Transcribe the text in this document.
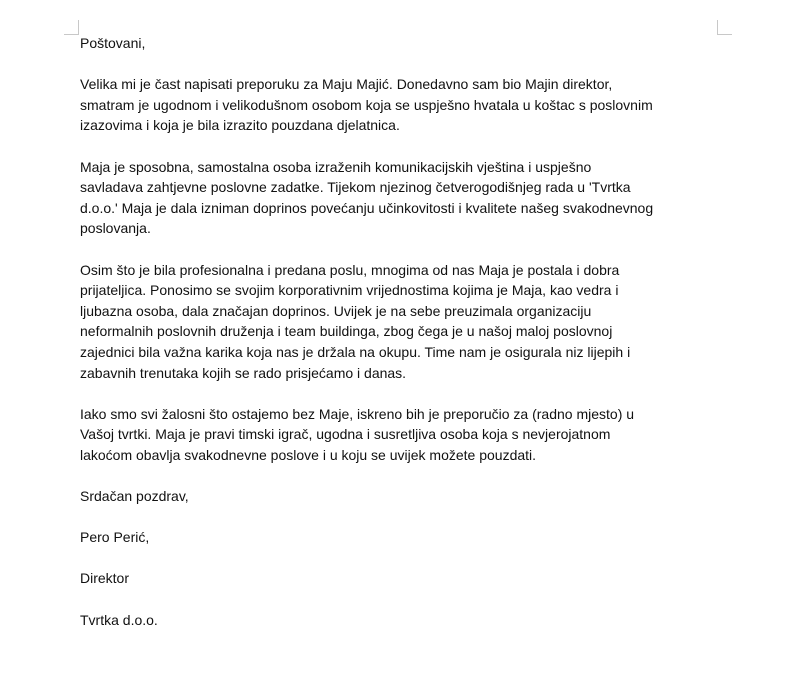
Poštovani,

Velika mi je čast napisati preporuku za Maju Majić. Donedavno sam bio Majin direktor,
smatram je ugodnom i velikodušnom osobom koja se uspješno hvatala u koštac s poslovnim
izazovima i koja je bila izrazito pouzdana djelatnica.

Maja je sposobna, samostalna osoba izraženih komunikacijskih vještina i uspješno
savladava zahtjevne poslovne zadatke. Tijekom njezinog četverogodišnjeg rada u 'Tvrtka
d.o.o.' Maja je dala izniman doprinos povećanju učinkovitosti i kvalitete našeg svakodnevnog
poslovanja.

Osim što je bila profesionalna i predana poslu, mnogima od nas Maja je postala i dobra
prijateljica. Ponosimo se svojim korporativnim vrijednostima kojima je Maja, kao vedra i
ljubazna osoba, dala značajan doprinos. Uvijek je na sebe preuzimala organizaciju
neformalnih poslovnih druženja i team buildinga, zbog čega je u našoj maloj poslovnoj
zajednici bila važna karika koja nas je držala na okupu. Time nam je osigurala niz lijepih i
zabavnih trenutaka kojih se rado prisjećamo i danas.

Iako smo svi žalosni što ostajemo bez Maje, iskreno bih je preporučio za (radno mjesto) u
Vašoj tvrtki. Maja je pravi timski igrač, ugodna i susretljiva osoba koja s nevjerojatnom
lakoćom obavlja svakodnevne poslove i u koju se uvijek možete pouzdati.

Srdačan pozdrav,

Pero Perić,

Direktor

Tvrtka d.o.o.
